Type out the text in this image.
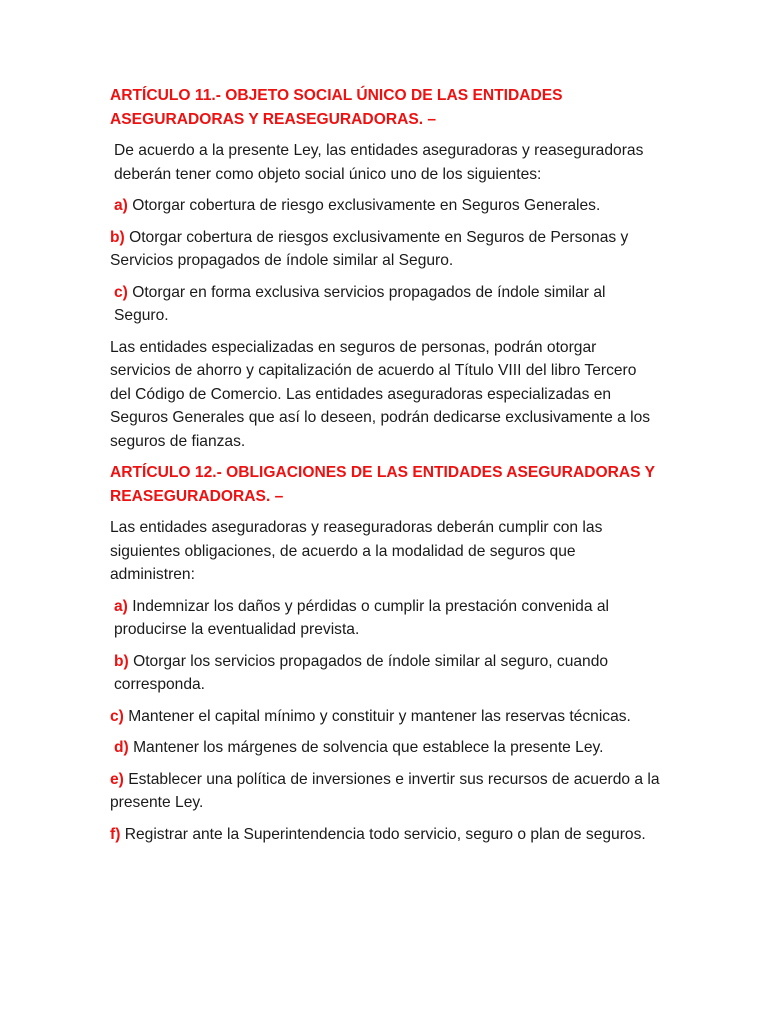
ARTÍCULO 11.- OBJETO SOCIAL ÚNICO DE LAS ENTIDADES ASEGURADORAS Y REASEGURADORAS. –

De acuerdo a la presente Ley, las entidades aseguradoras y reaseguradoras deberán tener como objeto social único uno de los siguientes:

a) Otorgar cobertura de riesgo exclusivamente en Seguros Generales.

b) Otorgar cobertura de riesgos exclusivamente en Seguros de Personas y Servicios propagados de índole similar al Seguro.

c) Otorgar en forma exclusiva servicios propagados de índole similar al Seguro.

Las entidades especializadas en seguros de personas, podrán otorgar servicios de ahorro y capitalización de acuerdo al Título VIII del libro Tercero del Código de Comercio. Las entidades aseguradoras especializadas en Seguros Generales que así lo deseen, podrán dedicarse exclusivamente a los seguros de fianzas.

ARTÍCULO 12.- OBLIGACIONES DE LAS ENTIDADES ASEGURADORAS Y REASEGURADORAS. –

Las entidades aseguradoras y reaseguradoras deberán cumplir con las siguientes obligaciones, de acuerdo a la modalidad de seguros que administren:

a) Indemnizar los daños y pérdidas o cumplir la prestación convenida al producirse la eventualidad prevista.

b) Otorgar los servicios propagados de índole similar al seguro, cuando corresponda.

c) Mantener el capital mínimo y constituir y mantener las reservas técnicas.

d) Mantener los márgenes de solvencia que establece la presente Ley.

e) Establecer una política de inversiones e invertir sus recursos de acuerdo a la presente Ley.

f) Registrar ante la Superintendencia todo servicio, seguro o plan de seguros.
